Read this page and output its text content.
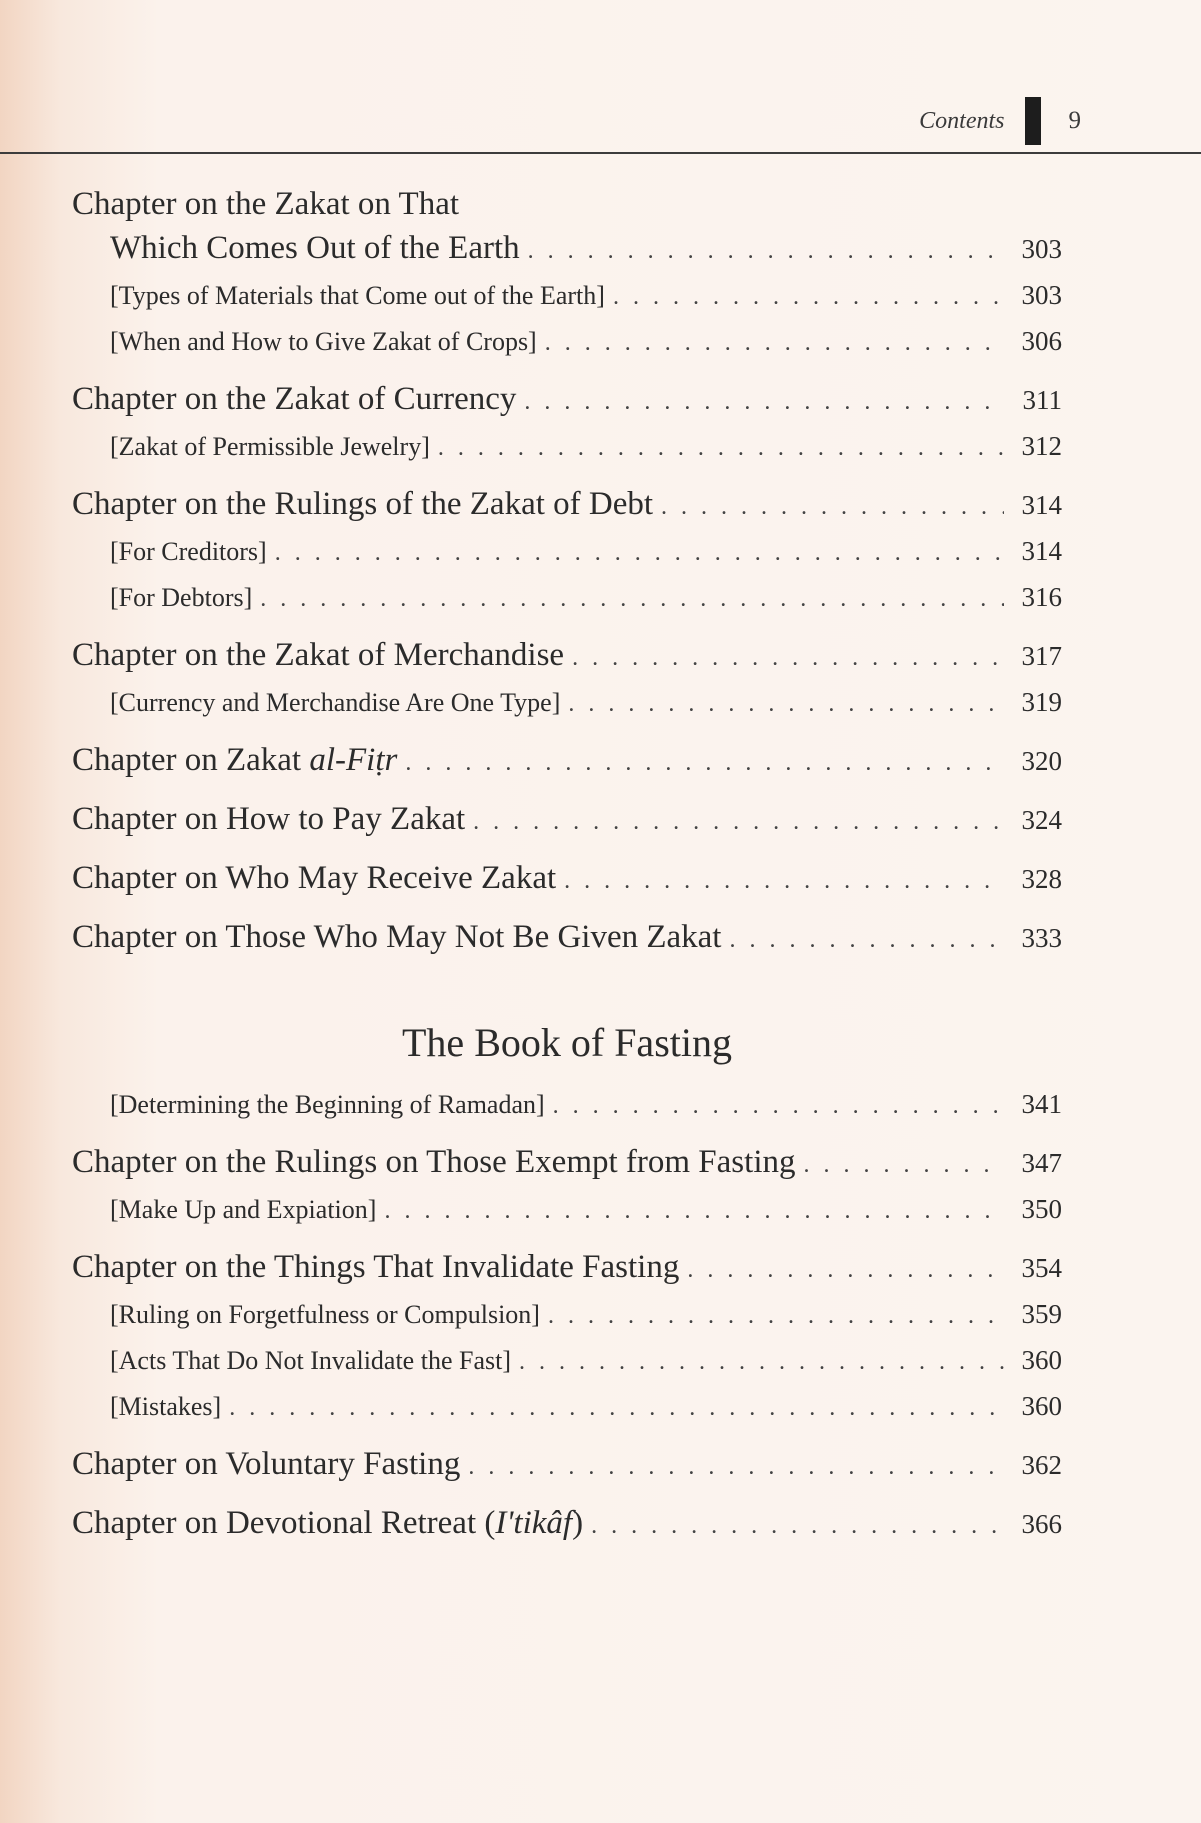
Contents	9
Chapter on the Zakat on That
Which Comes Out of the Earth . . .	303
[Types of Materials that Come out of the Earth] . . .	303
[When and How to Give Zakat of Crops] . . .	306
Chapter on the Zakat of Currency . . .	311
[Zakat of Permissible Jewelry] . . .	312
Chapter on the Rulings of the Zakat of Debt . . .	314
[For Creditors] . . .	314
[For Debtors] . . .	316
Chapter on the Zakat of Merchandise . . .	317
[Currency and Merchandise Are One Type] . . .	319
Chapter on Zakat al-Fiṭr . . .	320
Chapter on How to Pay Zakat . . .	324
Chapter on Who May Receive Zakat . . .	328
Chapter on Those Who May Not Be Given Zakat . . .	333
The Book of Fasting
[Determining the Beginning of Ramadan] . . .	341
Chapter on the Rulings on Those Exempt from Fasting . . .	347
[Make Up and Expiation] . . .	350
Chapter on the Things That Invalidate Fasting . . .	354
[Ruling on Forgetfulness or Compulsion] . . .	359
[Acts That Do Not Invalidate the Fast] . . .	360
[Mistakes] . . .	360
Chapter on Voluntary Fasting . . .	362
Chapter on Devotional Retreat (I'tikâf) . . .	366
